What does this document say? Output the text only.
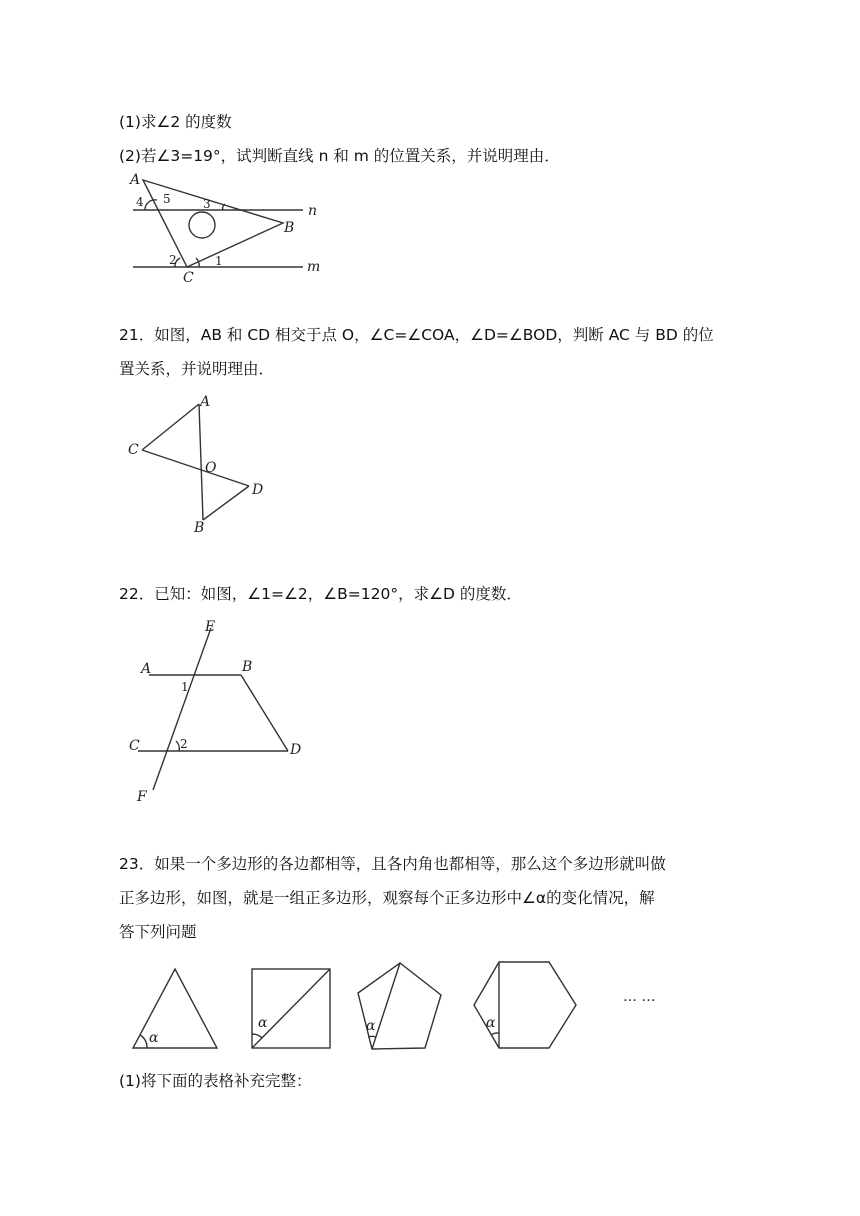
(1)求∠2 的度数
(2)若∠3=19°，试判断直线 n 和 m 的位置关系，并说明理由．
A
B
C
n
m
1
2
3
4 5
21．如图，AB 和 CD 相交于点 O，∠C=∠COA，∠D=∠BOD，判断 AC 与 BD 的位
置关系，并说明理由．
A
C
O
D
B
22．已知：如图，∠1=∠2，∠B=120°，求∠D 的度数．
E
A	B
C	D
F
1
2
23．如果一个多边形的各边都相等，且各内角也都相等，那么这个多边形就叫做
正多边形，如图，就是一组正多边形，观察每个正多边形中∠α的变化情况，解
答下列问题
α
α	α	α
… …
(1)将下面的表格补充完整：
